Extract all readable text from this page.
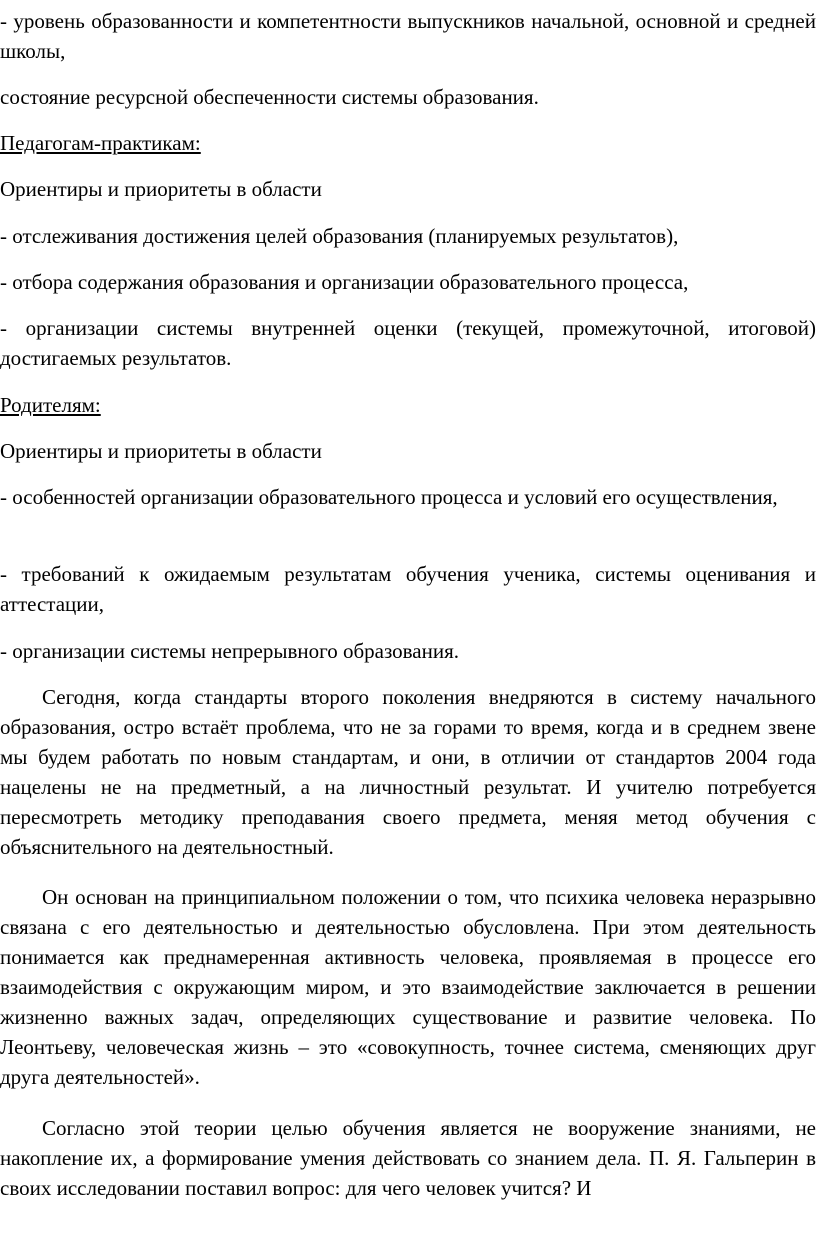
- уровень образованности и компетентности выпускников начальной, основной и средней школы,

состояние ресурсной обеспеченности системы образования.

Педагогам-практикам:

Ориентиры и приоритеты в области

- отслеживания достижения целей образования (планируемых результатов),

- отбора содержания образования и организации образовательного процесса,

- организации системы внутренней оценки (текущей, промежуточной, итоговой) достигаемых результатов.

Родителям:

Ориентиры и приоритеты в области

- особенностей организации образовательного процесса и условий его осуществления,

- требований к ожидаемым результатам обучения ученика, системы оценивания и аттестации,

- организации системы непрерывного образования.

Сегодня, когда стандарты второго поколения внедряются в систему начального образования, остро встаёт проблема, что не за горами то время, когда и в среднем звене мы будем работать по новым стандартам, и они, в отличии от стандартов 2004 года нацелены не на предметный, а на личностный результат. И учителю потребуется пересмотреть методику преподавания своего предмета, меняя метод обучения с объяснительного на деятельностный.

Он основан на принципиальном положении о том, что психика человека неразрывно связана с его деятельностью и деятельностью обусловлена. При этом деятельность понимается как преднамеренная активность человека, проявляемая в процессе его взаимодействия с окружающим миром, и это взаимодействие заключается в решении жизненно важных задач, определяющих существование и развитие человека. По Леонтьеву, человеческая жизнь – это «совокупность, точнее система, сменяющих друг друга деятельностей».

Согласно этой теории целью обучения является не вооружение знаниями, не накопление их, а формирование умения действовать со знанием дела. П. Я. Гальперин в своих исследовании поставил вопрос: для чего человек учится? И
